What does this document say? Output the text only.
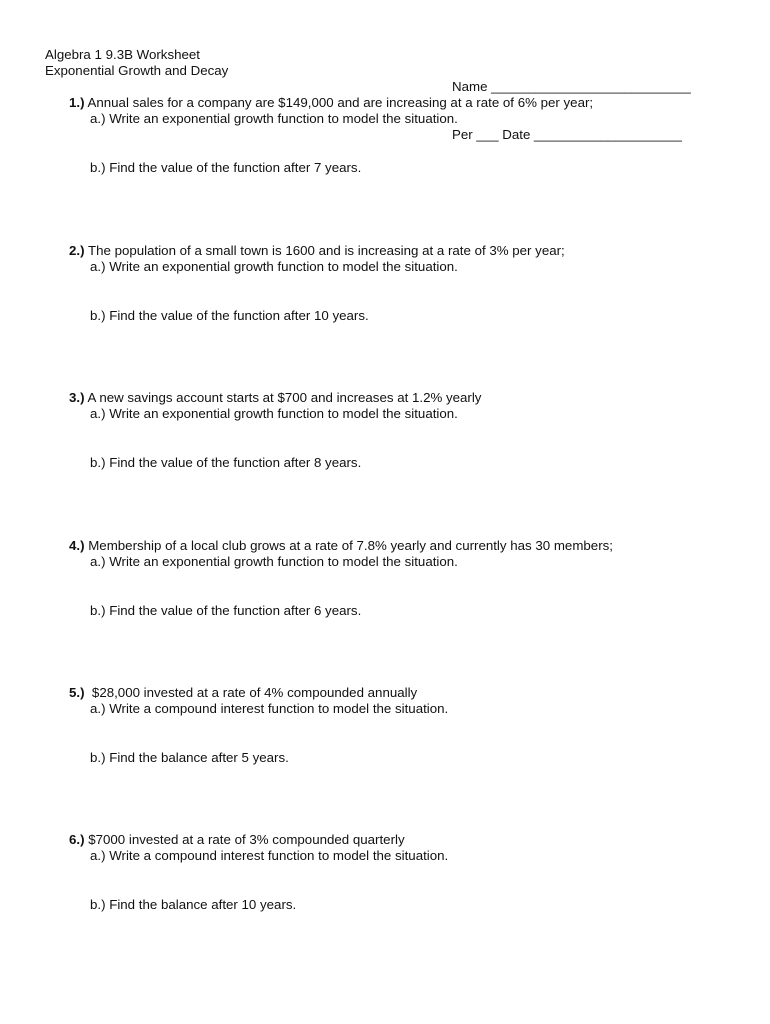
Algebra 1 9.3B Worksheet
Exponential Growth and Decay

Name ___________________________

Per ___ Date ____________________

1.) Annual sales for a company are $149,000 and are increasing at a rate of 6% per year;
a.) Write an exponential growth function to model the situation.
b.) Find the value of the function after 7 years.
2.) The population of a small town is 1600 and is increasing at a rate of 3% per year;
a.) Write an exponential growth function to model the situation.
b.) Find the value of the function after 10 years.
3.) A new savings account starts at $700 and increases at 1.2% yearly
a.) Write an exponential growth function to model the situation.
b.) Find the value of the function after 8 years.
4.) Membership of a local club grows at a rate of 7.8% yearly and currently has 30 members;
a.) Write an exponential growth function to model the situation.
b.) Find the value of the function after 6 years.
5.)  $28,000 invested at a rate of 4% compounded annually
a.) Write a compound interest function to model the situation.
b.) Find the balance after 5 years.
6.) $7000 invested at a rate of 3% compounded quarterly
a.) Write a compound interest function to model the situation.
b.) Find the balance after 10 years.
